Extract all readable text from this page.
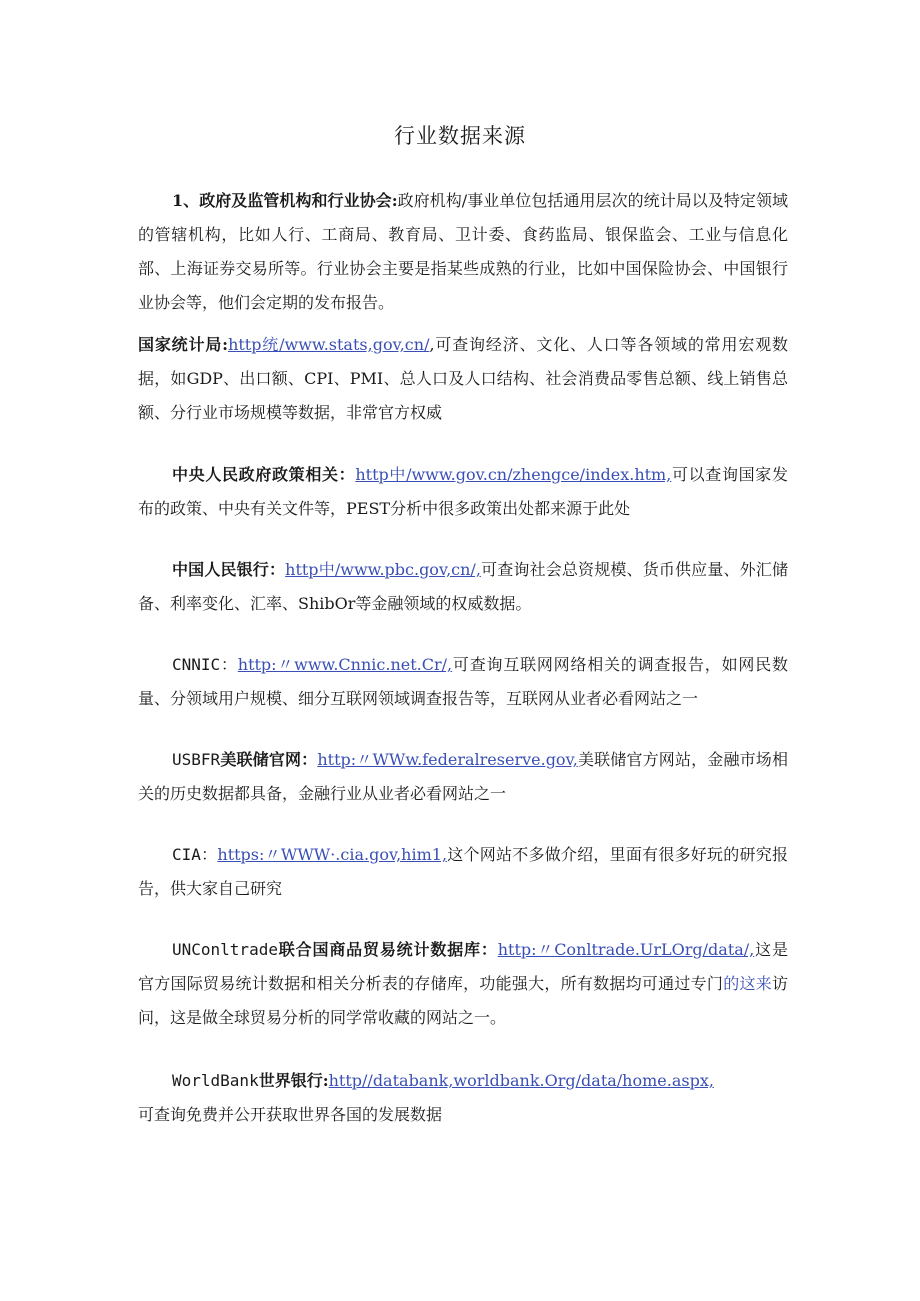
行业数据来源

1、政府及监管机构和行业协会:政府机构/事业单位包括通用层次的统计局以及特定领域的管辖机构，比如人行、工商局、教育局、卫计委、食药监局、银保监会、工业与信息化部、上海证券交易所等。行业协会主要是指某些成熟的行业，比如中国保险协会、中国银行业协会等，他们会定期的发布报告。

国家统计局:http统/www.stats,gov,cn/,可查询经济、文化、人口等各领域的常用宏观数据，如GDP、出口额、CPI、PMI、总人口及人口结构、社会消费品零售总额、线上销售总额、分行业市场规模等数据，非常官方权威

中央人民政府政策相关：http中/www.gov.cn/zhengce/index.htm,可以查询国家发布的政策、中央有关文件等，PEST分析中很多政策出处都来源于此处

中国人民银行：http中/www.pbc.gov,cn/,可查询社会总资规模、货币供应量、外汇储备、利率变化、汇率、ShibOr等金融领域的权威数据。

CNNIC：http:〃www.Cnnic.net.Cr/,可查询互联网网络相关的调查报告，如网民数量、分领域用户规模、细分互联网领域调查报告等，互联网从业者必看网站之一

USBFR美联储官网：http:〃WWw.federalreserve.gov,美联储官方网站，金融市场相关的历史数据都具备，金融行业从业者必看网站之一

CIA：https:〃WWW·.cia.gov,him1,这个网站不多做介绍，里面有很多好玩的研究报告，供大家自己研究

UNConltrade联合国商品贸易统计数据库：http:〃Conltrade.UrLOrg/data/,这是官方国际贸易统计数据和相关分析表的存储库，功能强大，所有数据均可通过专门的这来访问，这是做全球贸易分析的同学常收藏的网站之一。

WorldBank世界银行:http//databank,worldbank.Org/data/home.aspx,
可查询免费并公开获取世界各国的发展数据
